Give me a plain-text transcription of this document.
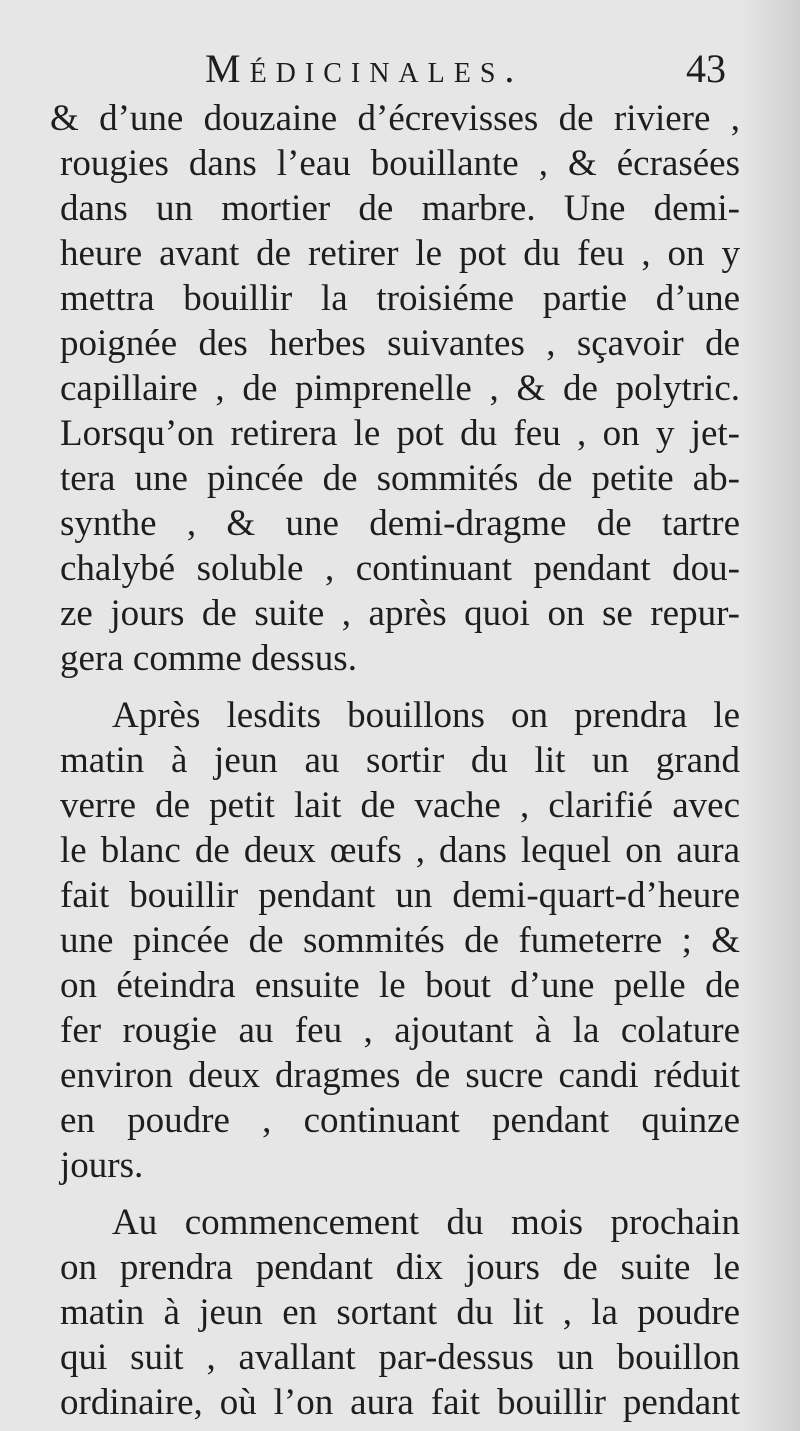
Médicinales.	43
& d’une douzaine d’écrevisses de riviere ,
rougies dans l’eau bouillante , & écrasées
dans un mortier de marbre. Une demi-
heure avant de retirer le pot du feu , on y
mettra bouillir la troisiéme partie d’une
poignée des herbes suivantes , sçavoir de
capillaire , de pimprenelle , & de polytric.
Lorsqu’on retirera le pot du feu , on y jet-
tera une pincée de sommités de petite ab-
synthe , & une demi-dragme de tartre
chalybé soluble , continuant pendant dou-
ze jours de suite , après quoi on se repur-
gera comme dessus.
Après lesdits bouillons on prendra le
matin à jeun au sortir du lit un grand
verre de petit lait de vache , clarifié avec
le blanc de deux œufs , dans lequel on aura
fait bouillir pendant un demi-quart-d’heure
une pincée de sommités de fumeterre ; &
on éteindra ensuite le bout d’une pelle de
fer rougie au feu , ajoutant à la colature
environ deux dragmes de sucre candi réduit
en poudre , continuant pendant quinze
jours.
Au commencement du mois prochain
on prendra pendant dix jours de suite le
matin à jeun en sortant du lit , la poudre
qui suit , avallant par-dessus un bouillon
ordinaire, où l’on aura fait bouillir pendant
